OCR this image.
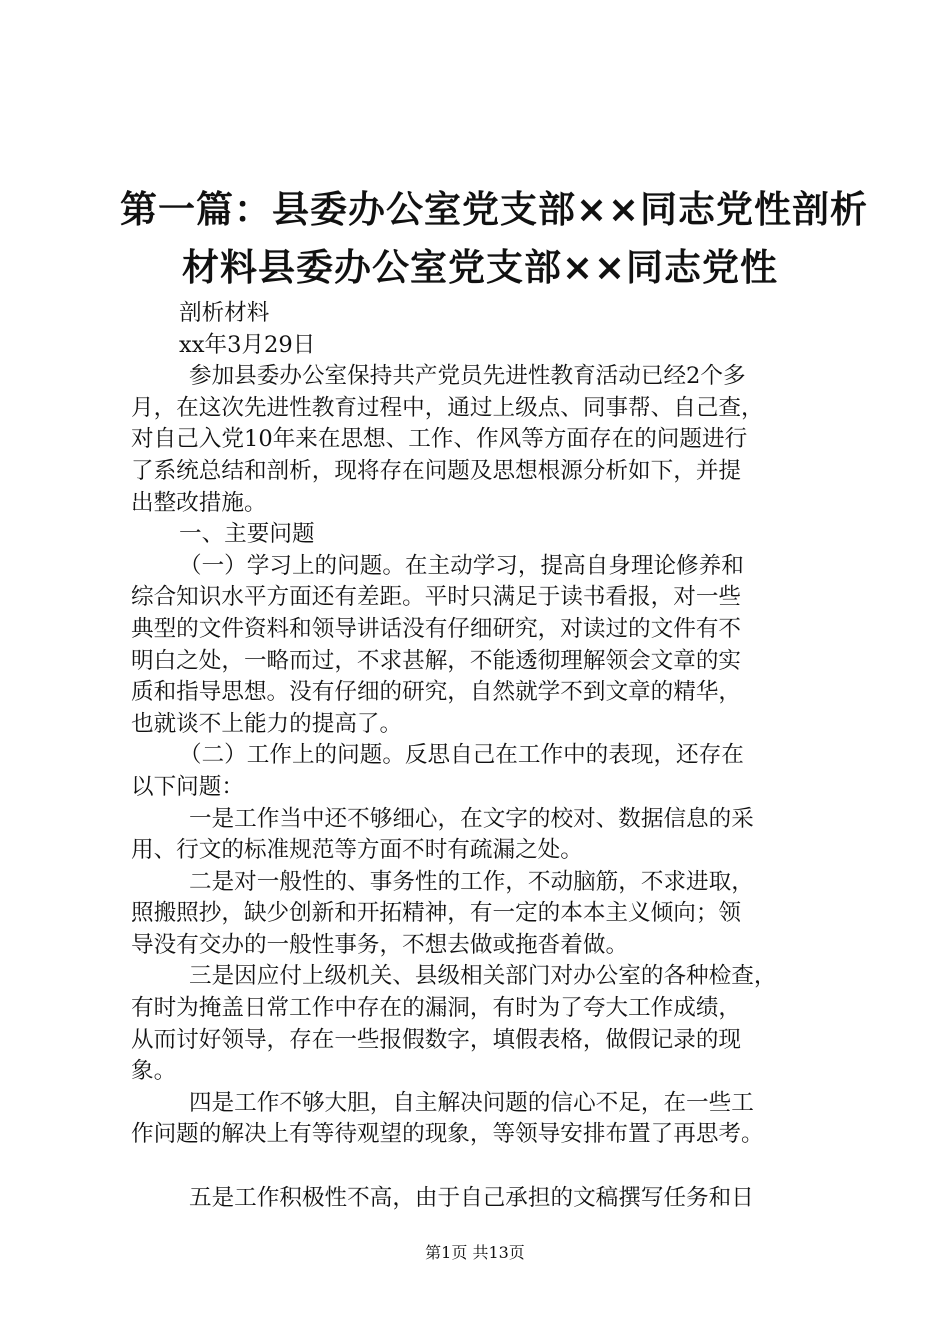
第一篇：县委办公室党支部××同志党性剖析
材料县委办公室党支部××同志党性

剖析材料

xx年3月29日

参加县委办公室保持共产党员先进性教育活动已经2个多

月，在这次先进性教育过程中，通过上级点、同事帮、自己查，

对自己入党10年来在思想、工作、作风等方面存在的问题进行

了系统总结和剖析，现将存在问题及思想根源分析如下，并提

出整改措施。

一、主要问题

（一）学习上的问题。在主动学习，提高自身理论修养和

综合知识水平方面还有差距。平时只满足于读书看报，对一些

典型的文件资料和领导讲话没有仔细研究，对读过的文件有不

明白之处，一略而过，不求甚解，不能透彻理解领会文章的实

质和指导思想。没有仔细的研究，自然就学不到文章的精华，

也就谈不上能力的提高了。

（二）工作上的问题。反思自己在工作中的表现，还存在

以下问题：

一是工作当中还不够细心，在文字的校对、数据信息的采

用、行文的标准规范等方面不时有疏漏之处。

二是对一般性的、事务性的工作，不动脑筋，不求进取，

照搬照抄，缺少创新和开拓精神，有一定的本本主义倾向；领

导没有交办的一般性事务，不想去做或拖沓着做。

三是因应付上级机关、县级相关部门对办公室的各种检查，

有时为掩盖日常工作中存在的漏洞，有时为了夸大工作成绩，

从而讨好领导，存在一些报假数字，填假表格，做假记录的现

象。

四是工作不够大胆，自主解决问题的信心不足，在一些工

作问题的解决上有等待观望的现象，等领导安排布置了再思考。

五是工作积极性不高，由于自己承担的文稿撰写任务和日

第1页 共13页
